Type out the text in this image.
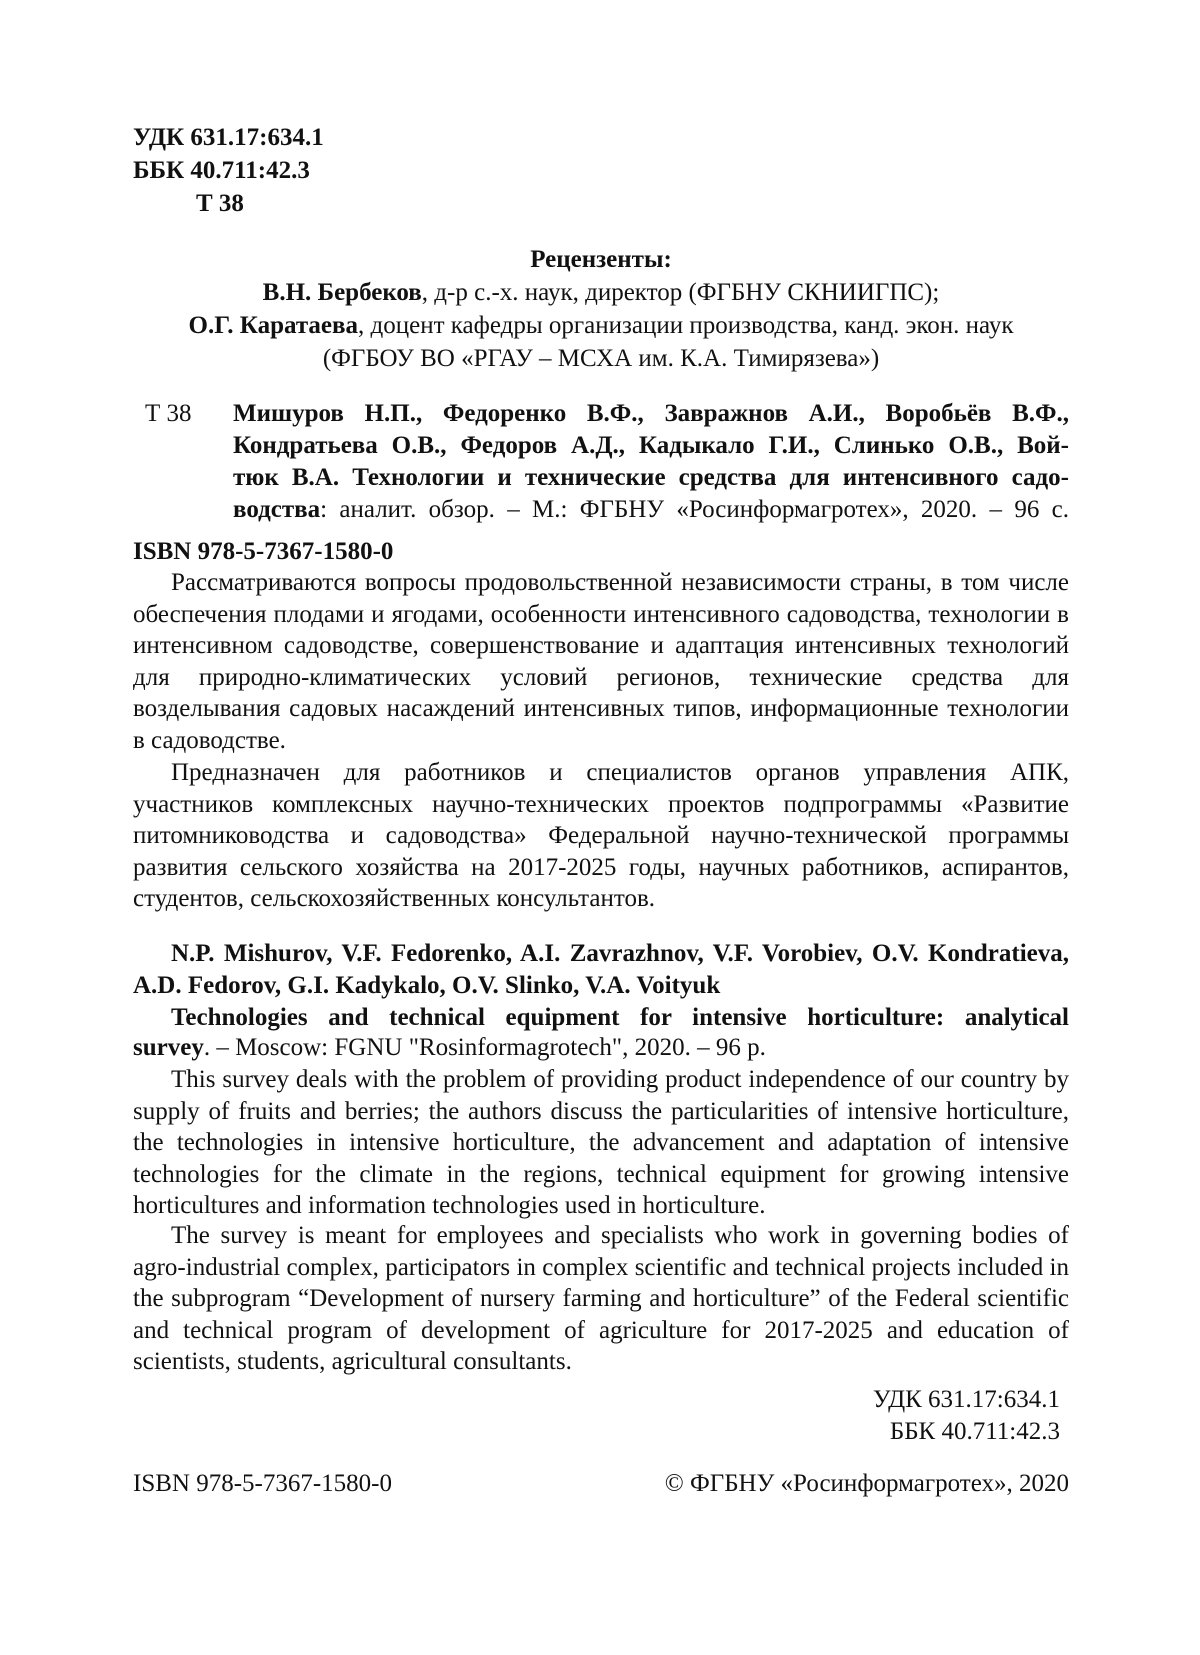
УДК 631.17:634.1
ББК 40.711:42.3
Т 38
Рецензенты:
В.Н. Бербеков, д-р с.-х. наук, директор (ФГБНУ СКНИИГПС);
О.Г. Каратаева, доцент кафедры организации производства, канд. экон. наук
(ФГБОУ ВО «РГАУ – МСХА им. К.А. Тимирязева»)
Т 38 Мишуров Н.П., Федоренко В.Ф., Завражнов А.И., Воробьёв В.Ф.,
Кондратьева О.В., Федоров А.Д., Кадыкало Г.И., Слинько О.В., Вой-
тюк В.А. Технологии и технические средства для интенсивного садо-
водства: аналит. обзор. – М.: ФГБНУ «Росинформагротех», 2020. – 96 с.
ISBN 978-5-7367-1580-0
Рассматриваются вопросы продовольственной независимости страны, в том числе обеспечения плодами и ягодами, особенности интенсивного садоводства, технологии в интенсивном садоводстве, совершенствование и адаптация интенсивных технологий для природно-климатических условий регионов, технические средства для возделывания садовых насаждений интенсивных типов, информационные технологии в садоводстве.
Предназначен для работников и специалистов органов управления АПК, участников комплексных научно-технических проектов подпрограммы «Развитие питомниководства и садоводства» Федеральной научно-технической программы развития сельского хозяйства на 2017-2025 годы, научных работников, аспирантов, студентов, сельскохозяйственных консультантов.
N.P. Mishurov, V.F. Fedorenko, A.I. Zavrazhnov, V.F. Vorobiev, O.V. Kondratieva,
A.D. Fedorov, G.I. Kadykalo, O.V. Slinko, V.A. Voityuk
Technologies and technical equipment for intensive horticulture: analytical
survey. – Moscow: FGNU "Rosinformagrotech", 2020. – 96 p.
This survey deals with the problem of providing product independence of our country by supply of fruits and berries; the authors discuss the particularities of intensive horticulture, the technologies in intensive horticulture, the advancement and adaptation of intensive technologies for the climate in the regions, technical equipment for growing intensive horticultures and information technologies used in horticulture.
The survey is meant for employees and specialists who work in governing bodies of agro-industrial complex, participators in complex scientific and technical projects included in the subprogram “Development of nursery farming and horticulture” of the Federal scientific and technical program of development of agriculture for 2017-2025 and education of scientists, students, agricultural consultants.
УДК 631.17:634.1
ББК 40.711:42.3
ISBN 978-5-7367-1580-0	© ФГБНУ «Росинформагротех», 2020
